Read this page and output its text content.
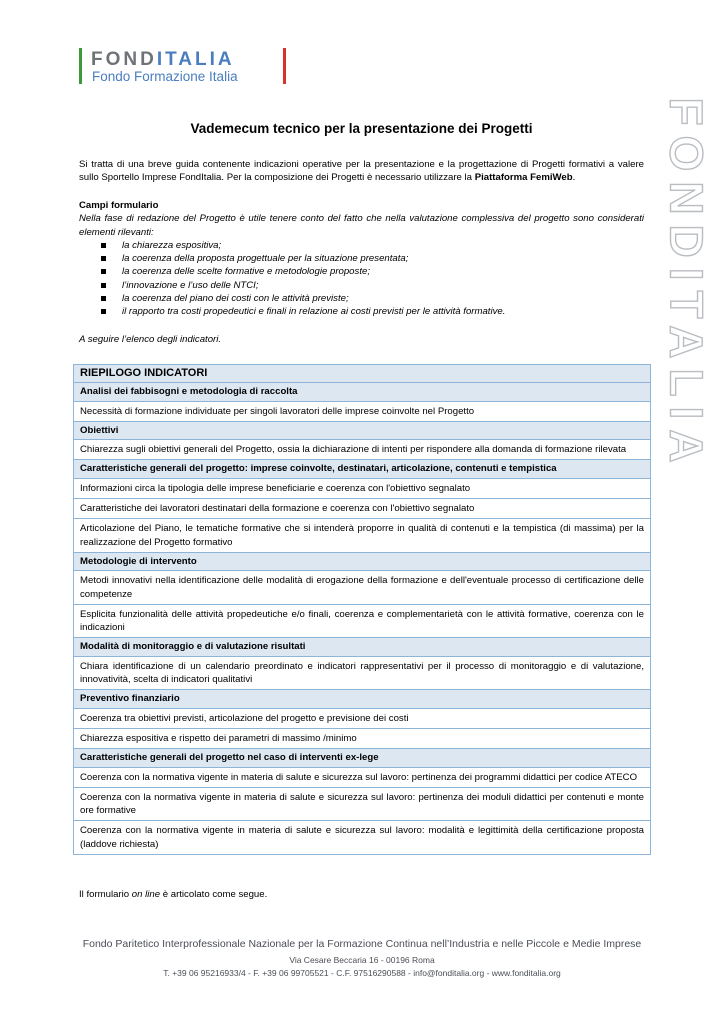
FONDITALIA
Fondo Formazione Italia
FONDITALIA
Vademecum tecnico per la presentazione dei Progetti
Si tratta di una breve guida contenente indicazioni operative per la presentazione e la progettazione di Progetti formativi a valere sullo Sportello Imprese FondItalia. Per la composizione dei Progetti è necessario utilizzare la Piattaforma FemiWeb.
Campi formulario
Nella fase di redazione del Progetto è utile tenere conto del fatto che nella valutazione complessiva del progetto sono considerati elementi rilevanti:
la chiarezza espositiva;
la coerenza della proposta progettuale per la situazione presentata;
la coerenza delle scelte formative e metodologie proposte;
l’innovazione e l’uso delle NTCI;
la coerenza del piano dei costi con le attività previste;
il rapporto tra costi propedeutici e finali in relazione ai costi previsti per le attività formative.
A seguire l’elenco degli indicatori.
RIEPILOGO INDICATORI
Analisi dei fabbisogni e metodologia di raccolta
Necessità di formazione individuate per singoli lavoratori delle imprese coinvolte nel Progetto
Obiettivi
Chiarezza sugli obiettivi generali del Progetto, ossia la dichiarazione di intenti per rispondere alla domanda di formazione rilevata
Caratteristiche generali del progetto: imprese coinvolte, destinatari, articolazione, contenuti e tempistica
Informazioni circa la tipologia delle imprese beneficiarie e coerenza con l'obiettivo segnalato
Caratteristiche dei lavoratori destinatari della formazione e coerenza con l'obiettivo segnalato
Articolazione del Piano, le tematiche formative che si intenderà proporre in qualità di contenuti e la tempistica (di massima) per la realizzazione del Progetto formativo
Metodologie di intervento
Metodi innovativi nella identificazione delle modalità di erogazione della formazione e dell'eventuale processo di certificazione delle competenze
Esplicita funzionalità delle attività propedeutiche e/o finali, coerenza e complementarietà con le attività formative, coerenza con le indicazioni
Modalità di monitoraggio e di valutazione risultati
Chiara identificazione di un calendario preordinato e indicatori rappresentativi per il processo di monitoraggio e di valutazione, innovatività, scelta di indicatori qualitativi
Preventivo finanziario
Coerenza tra obiettivi previsti, articolazione del progetto e previsione dei costi
Chiarezza espositiva e rispetto dei parametri di massimo /minimo
Caratteristiche generali del progetto nel caso di interventi ex-lege
Coerenza con la normativa vigente in materia di salute e sicurezza sul lavoro: pertinenza dei programmi didattici per codice ATECO
Coerenza con la normativa vigente in materia di salute e sicurezza sul lavoro: pertinenza dei moduli didattici per contenuti e monte ore formative
Coerenza con la normativa vigente in materia di salute e sicurezza sul lavoro: modalità e legittimità della certificazione proposta (laddove richiesta)
Il formulario on line è articolato come segue.
Fondo Paritetico Interprofessionale Nazionale per la Formazione Continua nell’Industria e nelle Piccole e Medie Imprese
Via Cesare Beccaria 16 - 00196 Roma
T. +39 06 95216933/4 - F. +39 06 99705521 - C.F. 97516290588 - info@fonditalia.org - www.fonditalia.org
